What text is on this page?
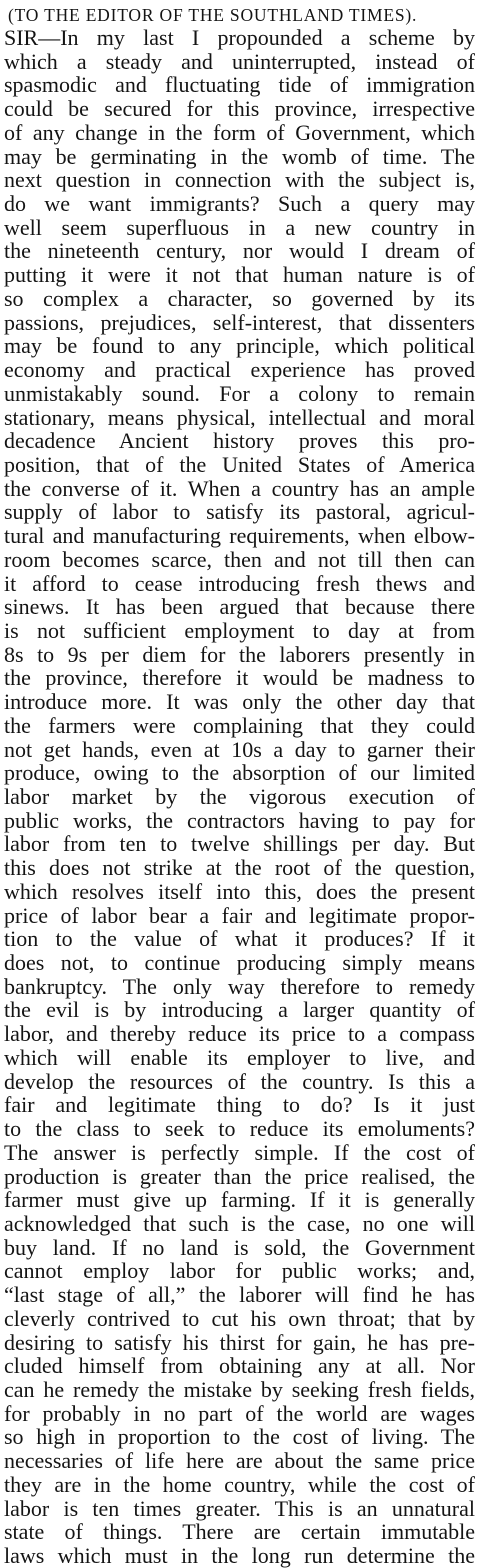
(TO THE EDITOR OF THE SOUTHLAND TIMES).
SIR—In my last I propounded a scheme by
which a steady and uninterrupted, instead of
spasmodic and fluctuating tide of immigration
could be secured for this province, irrespective
of any change in the form of Government, which
may be germinating in the womb of time. The
next question in connection with the subject is,
do we want immigrants? Such a query may
well seem superfluous in a new country in
the nineteenth century, nor would I dream of
putting it were it not that human nature is of
so complex a character, so governed by its
passions, prejudices, self-interest, that dissenters
may be found to any principle, which political
economy and practical experience has proved
unmistakably sound. For a colony to remain
stationary, means physical, intellectual and moral
decadence Ancient history proves this pro-
position, that of the United States of America
the converse of it. When a country has an ample
supply of labor to satisfy its pastoral, agricul-
tural and manufacturing requirements, when elbow-
room becomes scarce, then and not till then can
it afford to cease introducing fresh thews and
sinews. It has been argued that because there
is not sufficient employment to day at from
8s to 9s per diem for the laborers presently in
the province, therefore it would be madness to
introduce more. It was only the other day that
the farmers were complaining that they could
not get hands, even at 10s a day to garner their
produce, owing to the absorption of our limited
labor market by the vigorous execution of
public works, the contractors having to pay for
labor from ten to twelve shillings per day. But
this does not strike at the root of the question,
which resolves itself into this, does the present
price of labor bear a fair and legitimate propor-
tion to the value of what it produces? If it
does not, to continue producing simply means
bankruptcy. The only way therefore to remedy
the evil is by introducing a larger quantity of
labor, and thereby reduce its price to a compass
which will enable its employer to live, and
develop the resources of the country. Is this a
fair and legitimate thing to do? Is it just
to the class to seek to reduce its emoluments?
The answer is perfectly simple. If the cost of
production is greater than the price realised, the
farmer must give up farming. If it is generally
acknowledged that such is the case, no one will
buy land. If no land is sold, the Government
cannot employ labor for public works; and,
“last stage of all,” the laborer will find he has
cleverly contrived to cut his own throat; that by
desiring to satisfy his thirst for gain, he has pre-
cluded himself from obtaining any at all. Nor
can he remedy the mistake by seeking fresh fields,
for probably in no part of the world are wages
so high in proportion to the cost of living. The
necessaries of life here are about the same price
they are in the home country, while the cost of
labor is ten times greater. This is an unnatural
state of things. There are certain immutable
laws which must in the long run determine the
